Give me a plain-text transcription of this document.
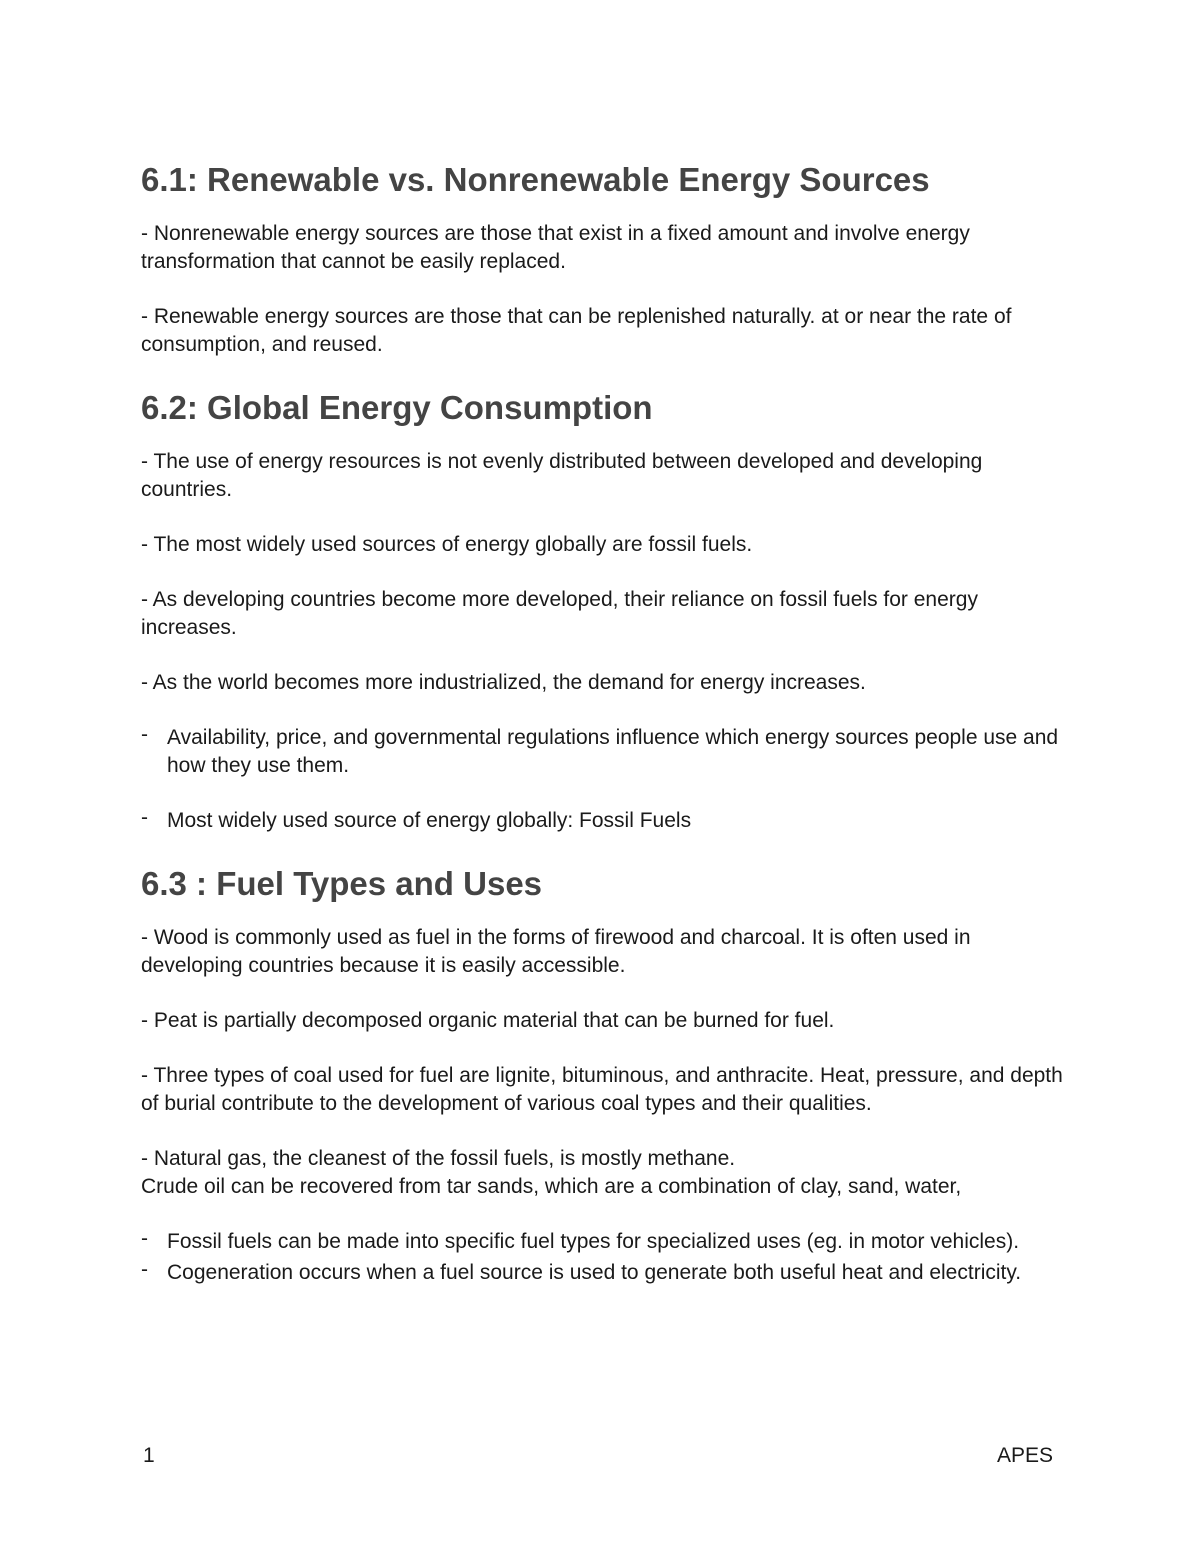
6.1: Renewable vs. Nonrenewable Energy Sources

- Nonrenewable energy sources are those that exist in a fixed amount and involve energy transformation that cannot be easily replaced.

- Renewable energy sources are those that can be replenished naturally. at or near the rate of consumption, and reused.

6.2: Global Energy Consumption

- The use of energy resources is not evenly distributed between developed and developing countries.

- The most widely used sources of energy globally are fossil fuels.

- As developing countries become more developed, their reliance on fossil fuels for energy increases.

- As the world becomes more industrialized, the demand for energy increases.

- Availability, price, and governmental regulations influence which energy sources people use and how they use them.
- Most widely used source of energy globally: Fossil Fuels
6.3 : Fuel Types and Uses

- Wood is commonly used as fuel in the forms of firewood and charcoal. It is often used in developing countries because it is easily accessible.

- Peat is partially decomposed organic material that can be burned for fuel.

- Three types of coal used for fuel are lignite, bituminous, and anthracite. Heat, pressure, and depth of burial contribute to the development of various coal types and their qualities.

- Natural gas, the cleanest of the fossil fuels, is mostly methane.

Crude oil can be recovered from tar sands, which are a combination of clay, sand, water,

- Fossil fuels can be made into specific fuel types for specialized uses (eg. in motor vehicles).
- Cogeneration occurs when a fuel source is used to generate both useful heat and electricity.
1	APES
